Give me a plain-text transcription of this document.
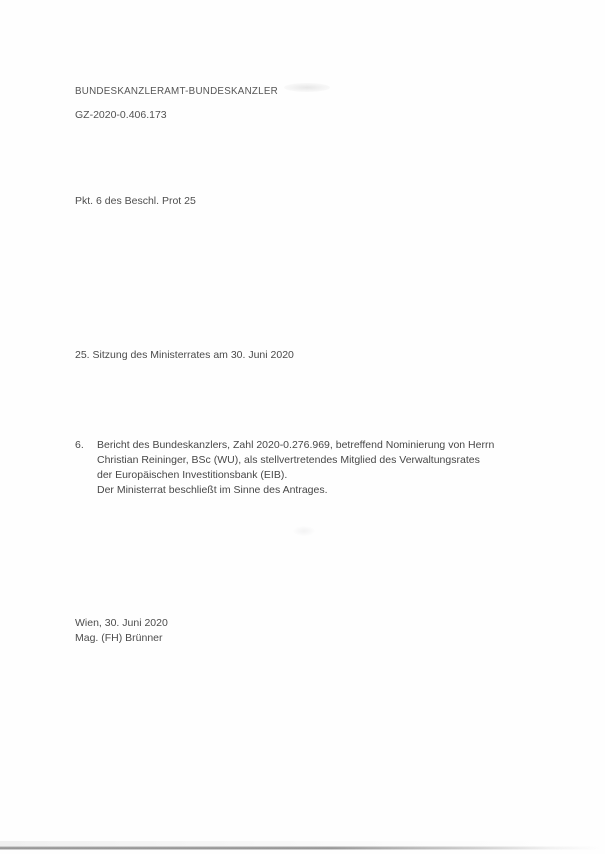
BUNDESKANZLERAMT-BUNDESKANZLER
GZ-2020-0.406.173
Pkt. 6 des Beschl. Prot 25
25. Sitzung des Ministerrates am 30. Juni 2020
6.	Bericht des Bundeskanzlers, Zahl 2020-0.276.969, betreffend Nominierung von Herrn
Christian Reininger, BSc (WU), als stellvertretendes Mitglied des Verwaltungsrates
der Europäischen Investitionsbank (EIB).
Der Ministerrat beschließt im Sinne des Antrages.
Wien, 30. Juni 2020
Mag. (FH) Brünner
